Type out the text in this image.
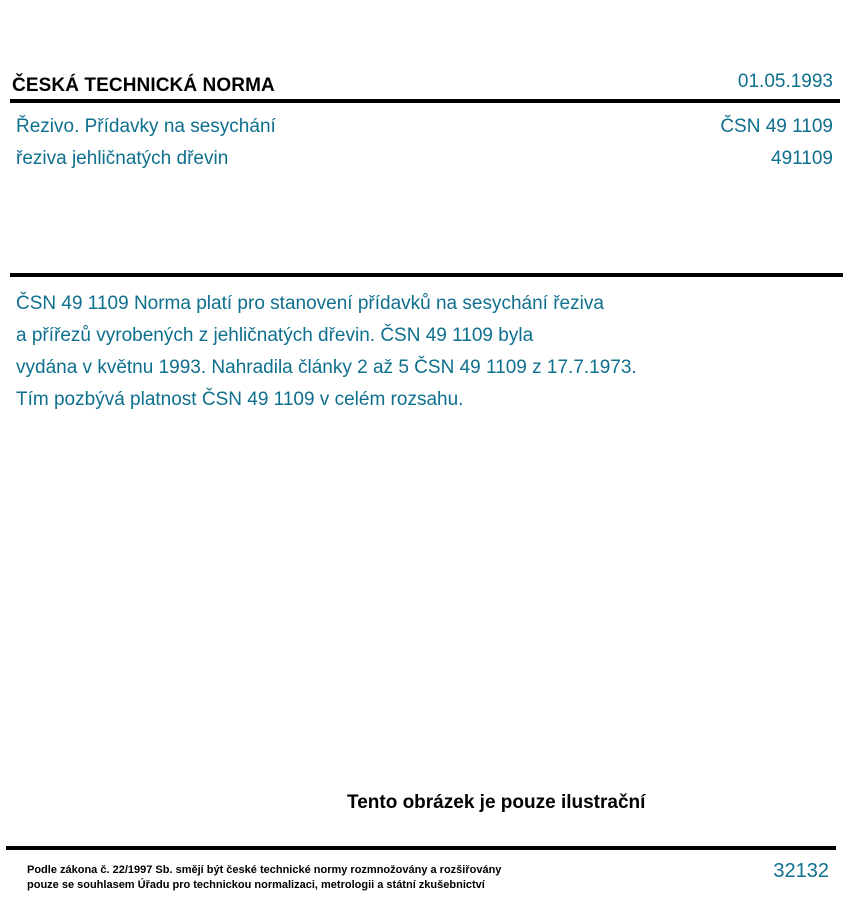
ČESKÁ TECHNICKÁ NORMA	01.05.1993
Řezivo. Přídavky na sesychání
řeziva jehličnatých dřevin
ČSN 49 1109
491109
ČSN 49 1109 Norma platí pro stanovení přídavků na sesychání řeziva
a přířezů vyrobených z jehličnatých dřevin. ČSN 49 1109 byla
vydána v květnu 1993. Nahradila články 2 až 5 ČSN 49 1109 z 17.7.1973.
Tím pozbývá platnost ČSN 49 1109 v celém rozsahu.
Tento obrázek je pouze ilustrační
Podle zákona č. 22/1997 Sb. smějí být české technické normy rozmnožovány a rozšiřovány
pouze se souhlasem Úřadu pro technickou normalizaci, metrologii a státní zkušebnictví
32132
